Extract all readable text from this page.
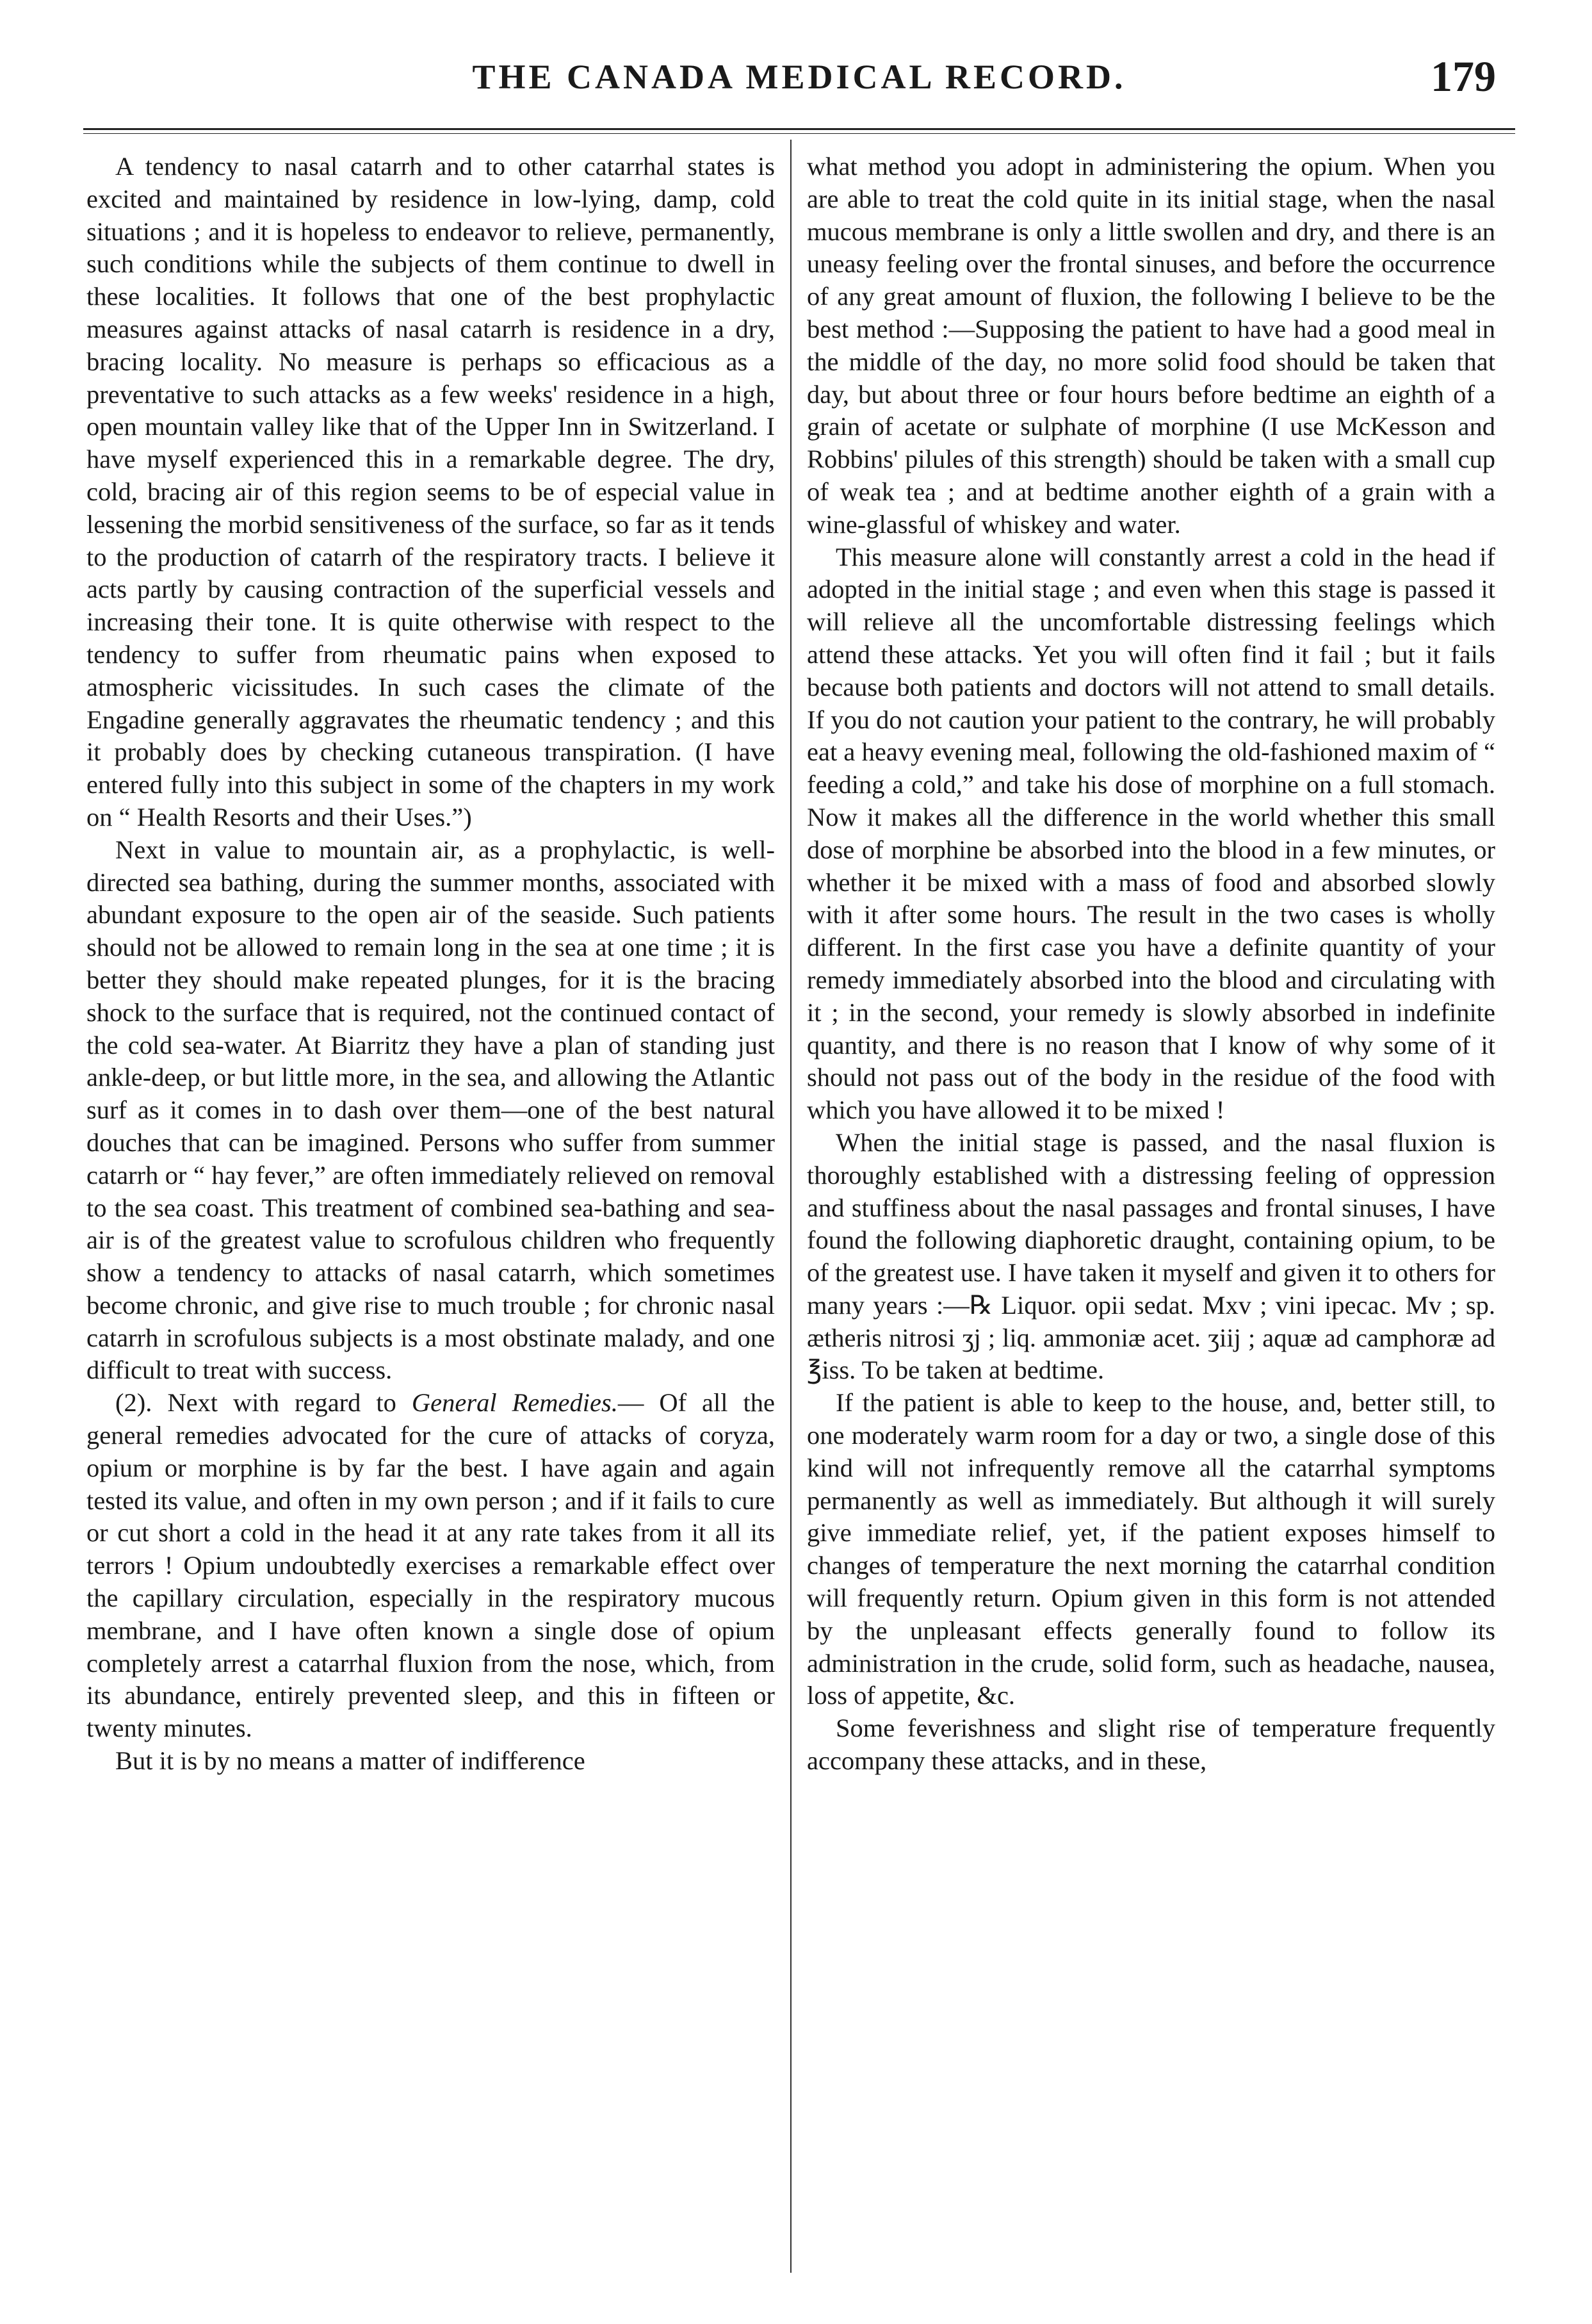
THE CANADA MEDICAL RECORD.	179

A tendency to nasal catarrh and to other catarrhal states is excited and maintained by residence in low-lying, damp, cold situations ; and it is hopeless to endeavor to relieve, permanently, such conditions while the subjects of them continue to dwell in these localities. It follows that one of the best prophylactic measures against attacks of nasal catarrh is residence in a dry, bracing locality. No measure is perhaps so efficacious as a preventative to such attacks as a few weeks' residence in a high, open mountain valley like that of the Upper Inn in Switzerland. I have myself experienced this in a remarkable degree. The dry, cold, bracing air of this region seems to be of especial value in lessening the morbid sensitiveness of the surface, so far as it tends to the production of catarrh of the respiratory tracts. I believe it acts partly by causing contraction of the superficial vessels and increasing their tone. It is quite otherwise with respect to the tendency to suffer from rheumatic pains when exposed to atmospheric vicissitudes. In such cases the climate of the Engadine generally aggravates the rheumatic tendency ; and this it probably does by checking cutaneous transpiration. (I have entered fully into this subject in some of the chapters in my work on “ Health Resorts and their Uses.”)

Next in value to mountain air, as a prophylactic, is well-directed sea bathing, during the summer months, associated with abundant exposure to the open air of the seaside. Such patients should not be allowed to remain long in the sea at one time ; it is better they should make repeated plunges, for it is the bracing shock to the surface that is required, not the continued contact of the cold sea-water. At Biarritz they have a plan of standing just ankle-deep, or but little more, in the sea, and allowing the Atlantic surf as it comes in to dash over them—one of the best natural douches that can be imagined. Persons who suffer from summer catarrh or “ hay fever,” are often immediately relieved on removal to the sea coast. This treatment of combined sea-bathing and sea-air is of the greatest value to scrofulous children who frequently show a tendency to attacks of nasal catarrh, which sometimes become chronic, and give rise to much trouble ; for chronic nasal catarrh in scrofulous subjects is a most obstinate malady, and one difficult to treat with success.

(2). Next with regard to General Remedies.— Of all the general remedies advocated for the cure of attacks of coryza, opium or morphine is by far the best. I have again and again tested its value, and often in my own person ; and if it fails to cure or cut short a cold in the head it at any rate takes from it all its terrors ! Opium undoubtedly exercises a remarkable effect over the capillary circulation, especially in the respiratory mucous membrane, and I have often known a single dose of opium completely arrest a catarrhal fluxion from the nose, which, from its abundance, entirely prevented sleep, and this in fifteen or twenty minutes.

But it is by no means a matter of indifference

what method you adopt in administering the opium. When you are able to treat the cold quite in its initial stage, when the nasal mucous membrane is only a little swollen and dry, and there is an uneasy feeling over the frontal sinuses, and before the occurrence of any great amount of fluxion, the following I believe to be the best method :—Supposing the patient to have had a good meal in the middle of the day, no more solid food should be taken that day, but about three or four hours before bedtime an eighth of a grain of acetate or sulphate of morphine (I use McKesson and Robbins' pilules of this strength) should be taken with a small cup of weak tea ; and at bedtime another eighth of a grain with a wine-glassful of whiskey and water.

This measure alone will constantly arrest a cold in the head if adopted in the initial stage ; and even when this stage is passed it will relieve all the uncomfortable distressing feelings which attend these attacks. Yet you will often find it fail ; but it fails because both patients and doctors will not attend to small details. If you do not caution your patient to the contrary, he will probably eat a heavy evening meal, following the old-fashioned maxim of “ feeding a cold,” and take his dose of morphine on a full stomach. Now it makes all the difference in the world whether this small dose of morphine be absorbed into the blood in a few minutes, or whether it be mixed with a mass of food and absorbed slowly with it after some hours. The result in the two cases is wholly different. In the first case you have a definite quantity of your remedy immediately absorbed into the blood and circulating with it ; in the second, your remedy is slowly absorbed in indefinite quantity, and there is no reason that I know of why some of it should not pass out of the body in the residue of the food with which you have allowed it to be mixed !

When the initial stage is passed, and the nasal fluxion is thoroughly established with a distressing feeling of oppression and stuffiness about the nasal passages and frontal sinuses, I have found the following diaphoretic draught, containing opium, to be of the greatest use. I have taken it myself and given it to others for many years :—℞ Liquor. opii sedat. Mxv ; vini ipecac. Mv ; sp. ætheris nitrosi ʒj ; liq. ammoniæ acet. ʒiij ; aquæ ad camphoræ ad ℥iss. To be taken at bedtime.

If the patient is able to keep to the house, and, better still, to one moderately warm room for a day or two, a single dose of this kind will not infrequently remove all the catarrhal symptoms permanently as well as immediately. But although it will surely give immediate relief, yet, if the patient exposes himself to changes of temperature the next morning the catarrhal condition will frequently return. Opium given in this form is not attended by the unpleasant effects generally found to follow its administration in the crude, solid form, such as headache, nausea, loss of appetite, &c.

Some feverishness and slight rise of temperature frequently accompany these attacks, and in these,
